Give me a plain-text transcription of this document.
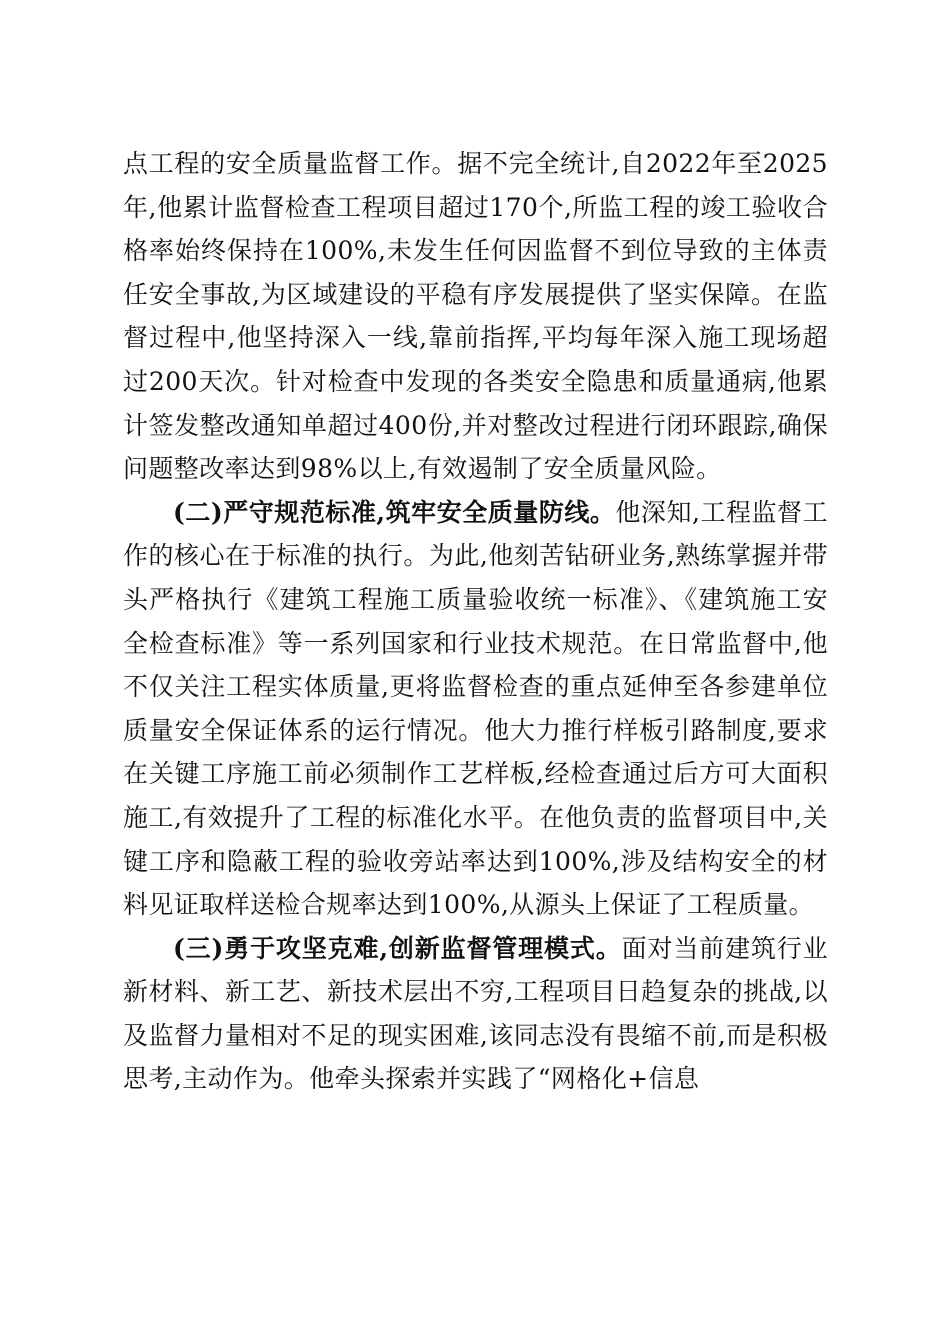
点工程的安全质量监督工作。据不完全统计,自2022年至2025年,他累计监督检查工程项目超过170个,所监工程的竣工验收合格率始终保持在100%,未发生任何因监督不到位导致的主体责任安全事故,为区域建设的平稳有序发展提供了坚实保障。在监督过程中,他坚持深入一线,靠前指挥,平均每年深入施工现场超过200天次。针对检查中发现的各类安全隐患和质量通病,他累计签发整改通知单超过400份,并对整改过程进行闭环跟踪,确保问题整改率达到98%以上,有效遏制了安全质量风险。

(二)严守规范标准,筑牢安全质量防线。他深知,工程监督工作的核心在于标准的执行。为此,他刻苦钻研业务,熟练掌握并带头严格执行《建筑工程施工质量验收统一标准》、《建筑施工安全检查标准》等一系列国家和行业技术规范。在日常监督中,他不仅关注工程实体质量,更将监督检查的重点延伸至各参建单位质量安全保证体系的运行情况。他大力推行样板引路制度,要求在关键工序施工前必须制作工艺样板,经检查通过后方可大面积施工,有效提升了工程的标准化水平。在他负责的监督项目中,关键工序和隐蔽工程的验收旁站率达到100%,涉及结构安全的材料见证取样送检合规率达到100%,从源头上保证了工程质量。

(三)勇于攻坚克难,创新监督管理模式。面对当前建筑行业新材料、新工艺、新技术层出不穷,工程项目日趋复杂的挑战,以及监督力量相对不足的现实困难,该同志没有畏缩不前,而是积极思考,主动作为。他牵头探索并实践了“网格化+信息
